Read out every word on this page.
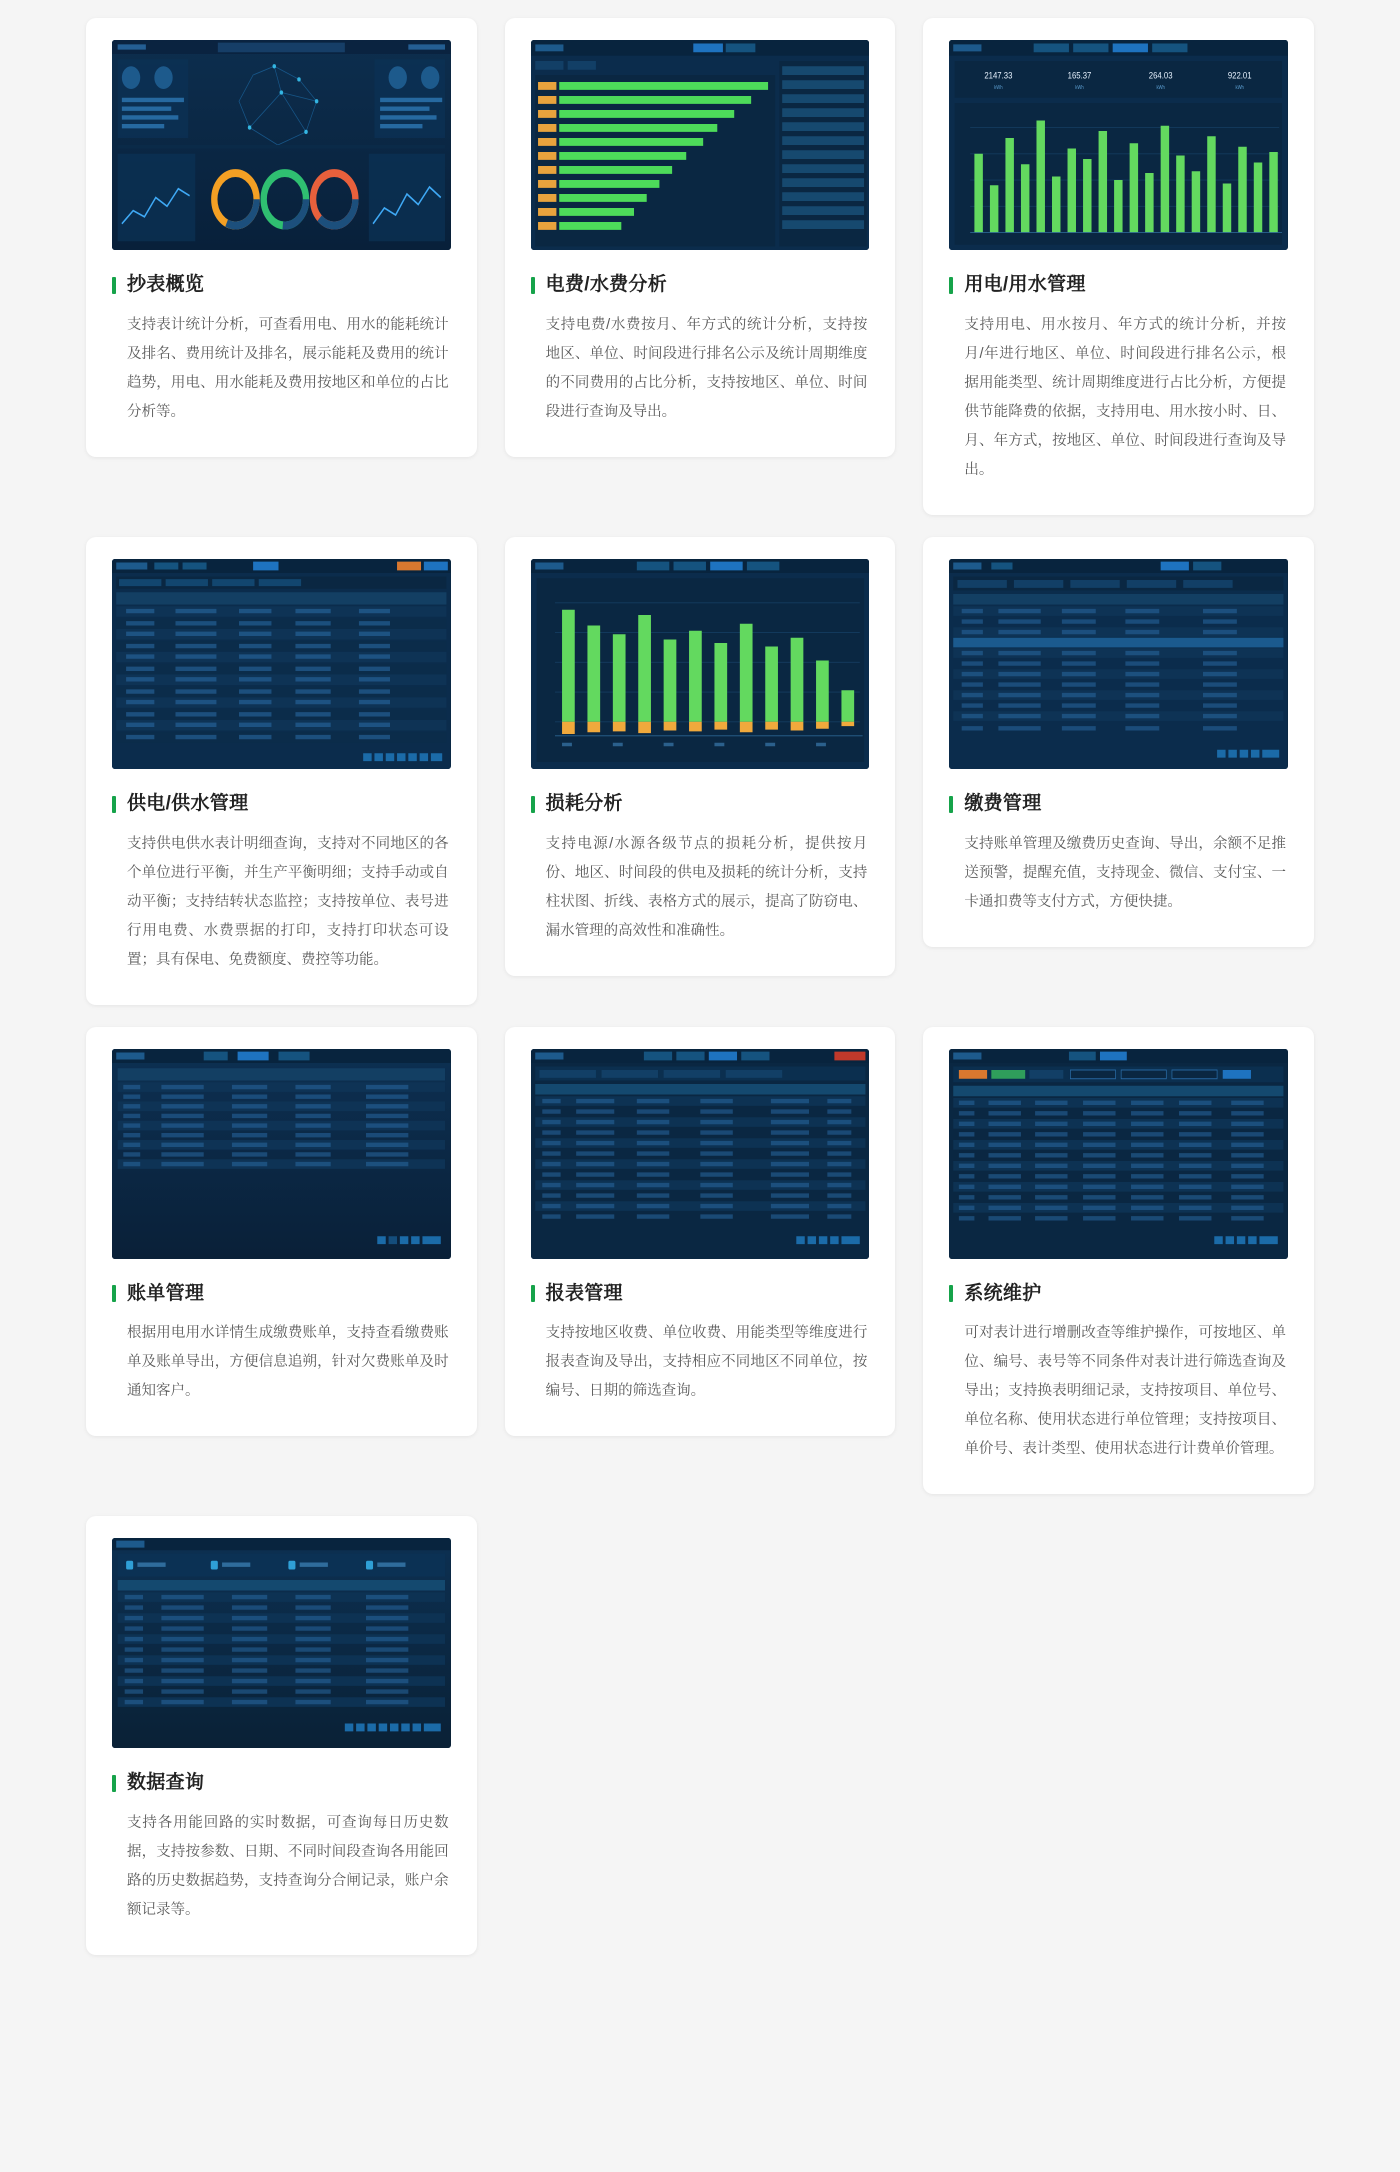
抄表概览
支持表计统计分析，可查看用电、用水的能耗统计及排名、费用统计及排名，展示能耗及费用的统计趋势，用电、用水能耗及费用按地区和单位的占比分析等。
电费/水费分析
支持电费/水费按月、年方式的统计分析，支持按地区、单位、时间段进行排名公示及统计周期维度的不同费用的占比分析，支持按地区、单位、时间段进行查询及导出。
2147.33	165.37	264.03	922.01
kWh	kWh	kWh	kWh
用电/用水管理
支持用电、用水按月、年方式的统计分析，并按月/年进行地区、单位、时间段进行排名公示，根据用能类型、统计周期维度进行占比分析，方便提供节能降费的依据，支持用电、用水按小时、日、月、年方式，按地区、单位、时间段进行查询及导出。
供电/供水管理
支持供电供水表计明细查询，支持对不同地区的各个单位进行平衡，并生产平衡明细；支持手动或自动平衡；支持结转状态监控；支持按单位、表号进行用电费、水费票据的打印，支持打印状态可设置；具有保电、免费额度、费控等功能。
损耗分析
支持电源/水源各级节点的损耗分析，提供按月份、地区、时间段的供电及损耗的统计分析，支持柱状图、折线、表格方式的展示，提高了防窃电、漏水管理的高效性和准确性。
缴费管理
支持账单管理及缴费历史查询、导出，余额不足推送预警，提醒充值，支持现金、微信、支付宝、一卡通扣费等支付方式，方便快捷。
账单管理
根据用电用水详情生成缴费账单，支持查看缴费账单及账单导出，方便信息追朔，针对欠费账单及时通知客户。
报表管理
支持按地区收费、单位收费、用能类型等维度进行报表查询及导出，支持相应不同地区不同单位，按编号、日期的筛选查询。
系统维护
可对表计进行增删改查等维护操作，可按地区、单位、编号、表号等不同条件对表计进行筛选查询及导出；支持换表明细记录，支持按项目、单位号、单位名称、使用状态进行单位管理；支持按项目、单价号、表计类型、使用状态进行计费单价管理。
数据查询
支持各用能回路的实时数据，可查询每日历史数据，支持按参数、日期、不同时间段查询各用能回路的历史数据趋势，支持查询分合闸记录，账户余额记录等。
